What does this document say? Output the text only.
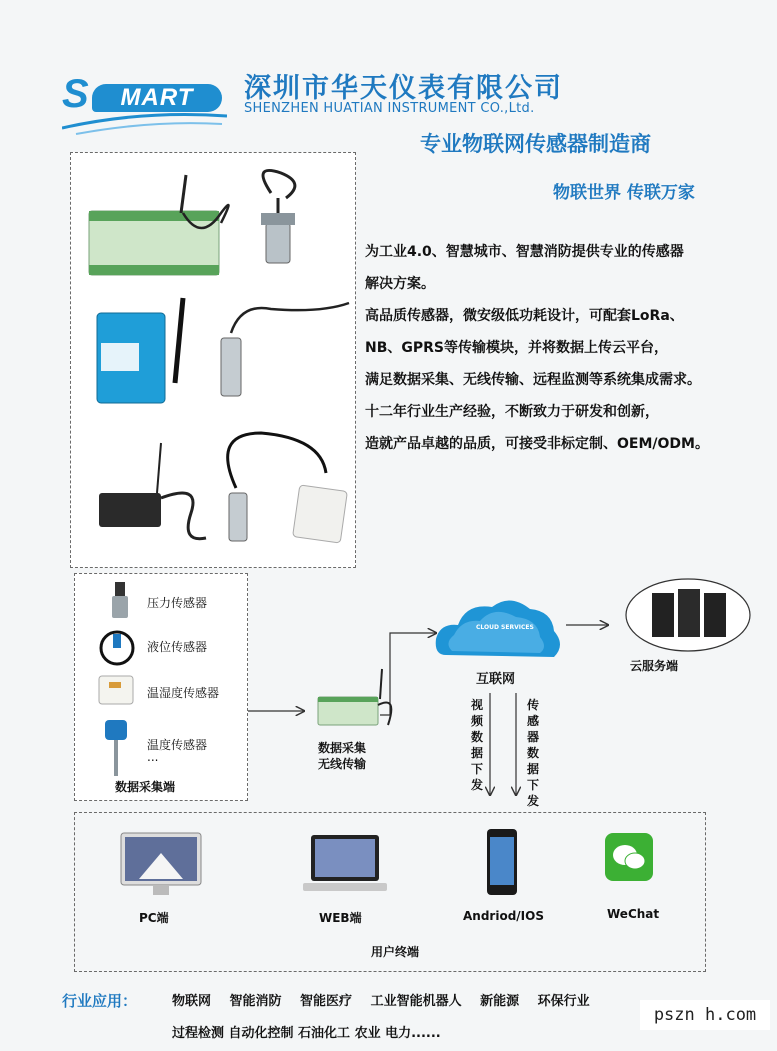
S	MART	深圳市华天仪表有限公司
SHENZHEN HUATIAN INSTRUMENT CO.,Ltd.
专业物联网传感器制造商
物联世界 传联万家

为工业4.0、智慧城市、智慧消防提供专业的传感器

解决方案。

高品质传感器，微安级低功耗设计，可配套LoRa、

NB、GPRS等传输模块，并将数据上传云平台，

满足数据采集、无线传输、远程监测等系统集成需求。

十二年行业生产经验，不断致力于研发和创新，

造就产品卓越的品质，可接受非标定制、OEM/ODM。

压力传感器
液位传感器
温湿度传感器
温度传感器
...
数据采集端
CLOUD SERVICES
互联网
云服务端
数据采集
无线传输
视频数据下发
传感器数据下发
PC端	WEB端	Andriod/IOS	WeChat
用户终端
行业应用：	物联网 智能消防 智能医疗 工业智能机器人 新能源 环保行业
过程检测 自动化控制 石油化工 农业 电力......
pszn h.com
